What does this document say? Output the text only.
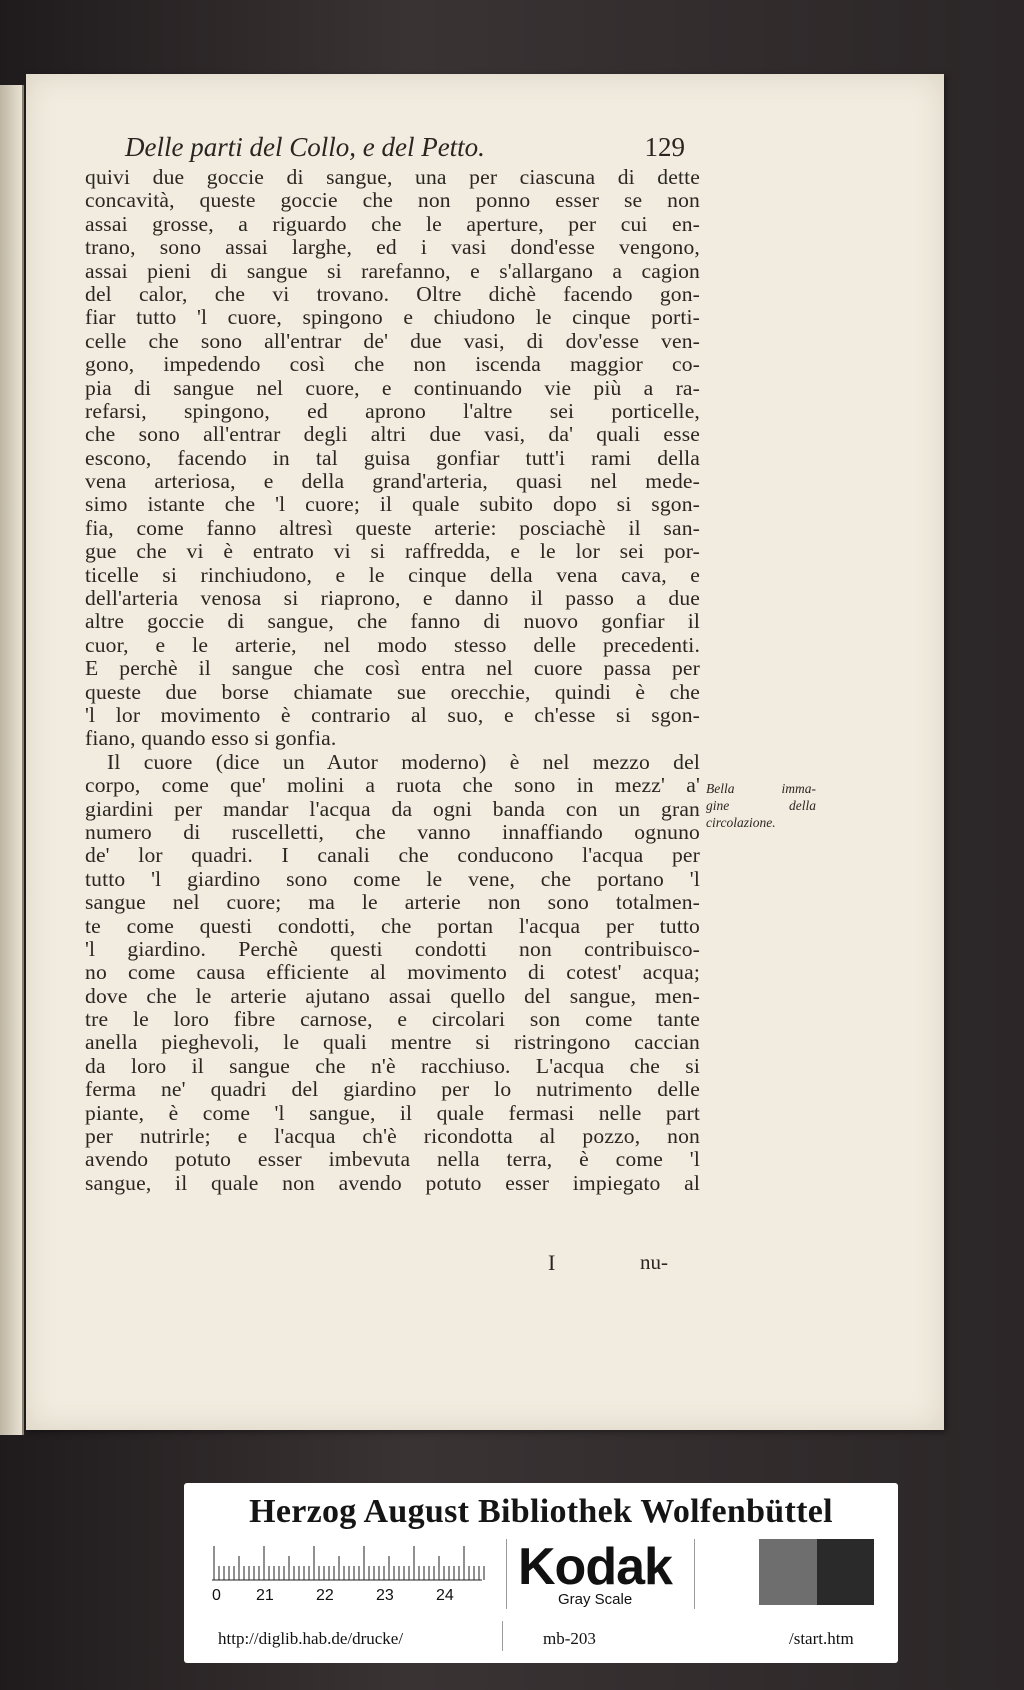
Delle parti del Collo, e del Petto.	129
quivi due goccie di sangue, una per ciascuna di dette
concavità, queste goccie che non ponno esser se non
assai grosse, a riguardo che le aperture, per cui en-
trano, sono assai larghe, ed i vasi dond'esse vengono,
assai pieni di sangue si rarefanno, e s'allargano a cagion
del calor, che vi trovano. Oltre dichè facendo gon-
fiar tutto 'l cuore, spingono e chiudono le cinque porti-
celle che sono all'entrar de' due vasi, di dov'esse ven-
gono, impedendo così che non iscenda maggior co-
pia di sangue nel cuore, e continuando vie più a ra-
refarsi, spingono, ed aprono l'altre sei porticelle,
che sono all'entrar degli altri due vasi, da' quali esse
escono, facendo in tal guisa gonfiar tutt'i rami della
vena arteriosa, e della grand'arteria, quasi nel mede-
simo istante che 'l cuore; il quale subito dopo si sgon-
fia, come fanno altresì queste arterie: posciachè il san-
gue che vi è entrato vi si raffredda, e le lor sei por-
ticelle si rinchiudono, e le cinque della vena cava, e
dell'arteria venosa si riaprono, e danno il passo a due
altre goccie di sangue, che fanno di nuovo gonfiar il
cuor, e le arterie, nel modo stesso delle precedenti.
E perchè il sangue che così entra nel cuore passa per
queste due borse chiamate sue orecchie, quindi è che
'l lor movimento è contrario al suo, e ch'esse si sgon-
fiano, quando esso si gonfia.
Il cuore (dice un Autor moderno) è nel mezzo del
corpo, come que' molini a ruota che sono in mezz' a'
giardini per mandar l'acqua da ogni banda con un gran
numero di ruscelletti, che vanno innaffiando ognuno
de' lor quadri. I canali che conducono l'acqua per
tutto 'l giardino sono come le vene, che portano 'l
sangue nel cuore; ma le arterie non sono totalmen-
te come questi condotti, che portan l'acqua per tutto
'l giardino. Perchè questi condotti non contribuisco-
no come causa efficiente al movimento di cotest' acqua;
dove che le arterie ajutano assai quello del sangue, men-
tre le loro fibre carnose, e circolari son come tante
anella pieghevoli, le quali mentre si ristringono caccian
da loro il sangue che n'è racchiuso. L'acqua che si
ferma ne' quadri del giardino per lo nutrimento delle
piante, è come 'l sangue, il quale fermasi nelle part
per nutrirle; e l'acqua ch'è ricondotta al pozzo, non
avendo potuto esser imbevuta nella terra, è come 'l
sangue, il quale non avendo potuto esser impiegato al
Bella imma-
gine della
circolazione.
I	nu-
Herzog August Bibliothek Wolfenbüttel
0 21	22	23	24 Kodak
Gray Scale
http://diglib.hab.de/drucke/	mb-203	/start.htm
